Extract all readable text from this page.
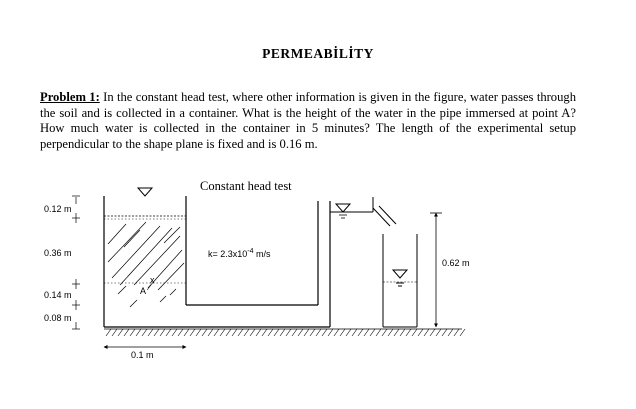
PERMEABİLİTY
Problem 1: In the constant head test, where other information is given in the figure, water passes through the soil and is collected in a container. What is the height of the water in the pipe immersed at point A? How much water is collected in the container in 5 minutes? The length of the experimental setup perpendicular to the shape plane is fixed and is 0.16 m.
Constant head test
A
x
$k= 2.3x10^{-4}$ m/s
0.62 m
0.12 m
0.36 m
0.14 m
0.08 m
0.1 m
